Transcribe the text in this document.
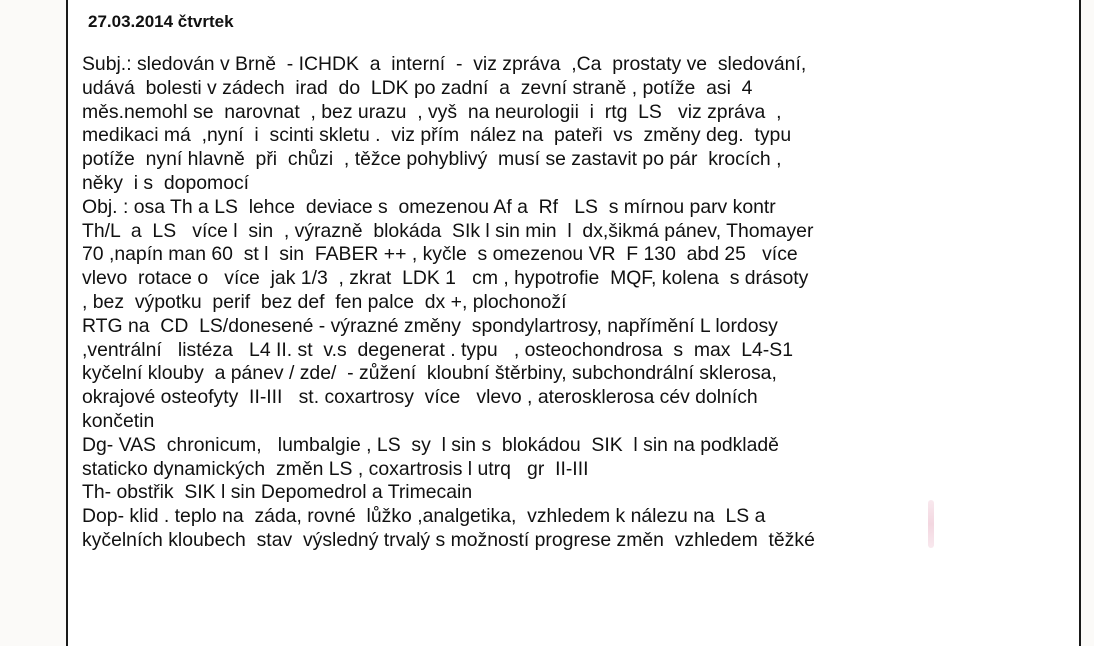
27.03.2014 čtvrtek
Subj.: sledován v Brně  - ICHDK  a  interní  -  viz zpráva  ,Ca  prostaty ve  sledování,
udává  bolesti v zádech  irad  do  LDK po zadní  a  zevní straně , potíže  asi  4
měs.nemohl se  narovnat  , bez urazu  , vyš  na neurologii  i  rtg  LS   viz zpráva  ,
medikaci má  ,nyní  i  scinti skletu .  viz přím  nález na  pateři  vs  změny deg.  typu
potíže  nyní hlavně  při  chůzi  , těžce pohyblivý  musí se zastavit po pár  krocích ,
něky  i s  dopomocí
Obj. : osa Th a LS  lehce  deviace s  omezenou Af a  Rf   LS  s mírnou parv kontr
Th/L  a  LS   více l  sin  , výrazně  blokáda  SIk l sin min  l  dx,šikmá pánev, Thomayer
70 ,napín man 60  st l  sin  FABER ++ , kyčle  s omezenou VR  F 130  abd 25   více
vlevo  rotace o   více  jak 1/3  , zkrat  LDK 1   cm , hypotrofie  MQF, kolena  s drásoty
, bez  výpotku  perif  bez def  fen palce  dx +, plochonoží
RTG na  CD  LS/donesené - výrazné změny  spondylartrosy, napřímění L lordosy
,ventrální   listéza   L4 II. st  v.s  degenerat . typu   , osteochondrosa  s  max  L4-S1
kyčelní klouby  a pánev / zde/  - zůžení  kloubní štěrbiny, subchondrální sklerosa,
okrajové osteofyty  II-III   st. coxartrosy  více   vlevo , aterosklerosa cév dolních
končetin
Dg- VAS  chronicum,   lumbalgie , LS  sy  l sin s  blokádou  SIK  l sin na podkladě
staticko dynamických  změn LS , coxartrosis l utrq   gr  II-III
Th- obstřik  SIK l sin Depomedrol a Trimecain
Dop- klid . teplo na  záda, rovné  lůžko ,analgetika,  vzhledem k nálezu na  LS a
kyčelních kloubech  stav  výsledný trvalý s možností progrese změn  vzhledem  těžké
